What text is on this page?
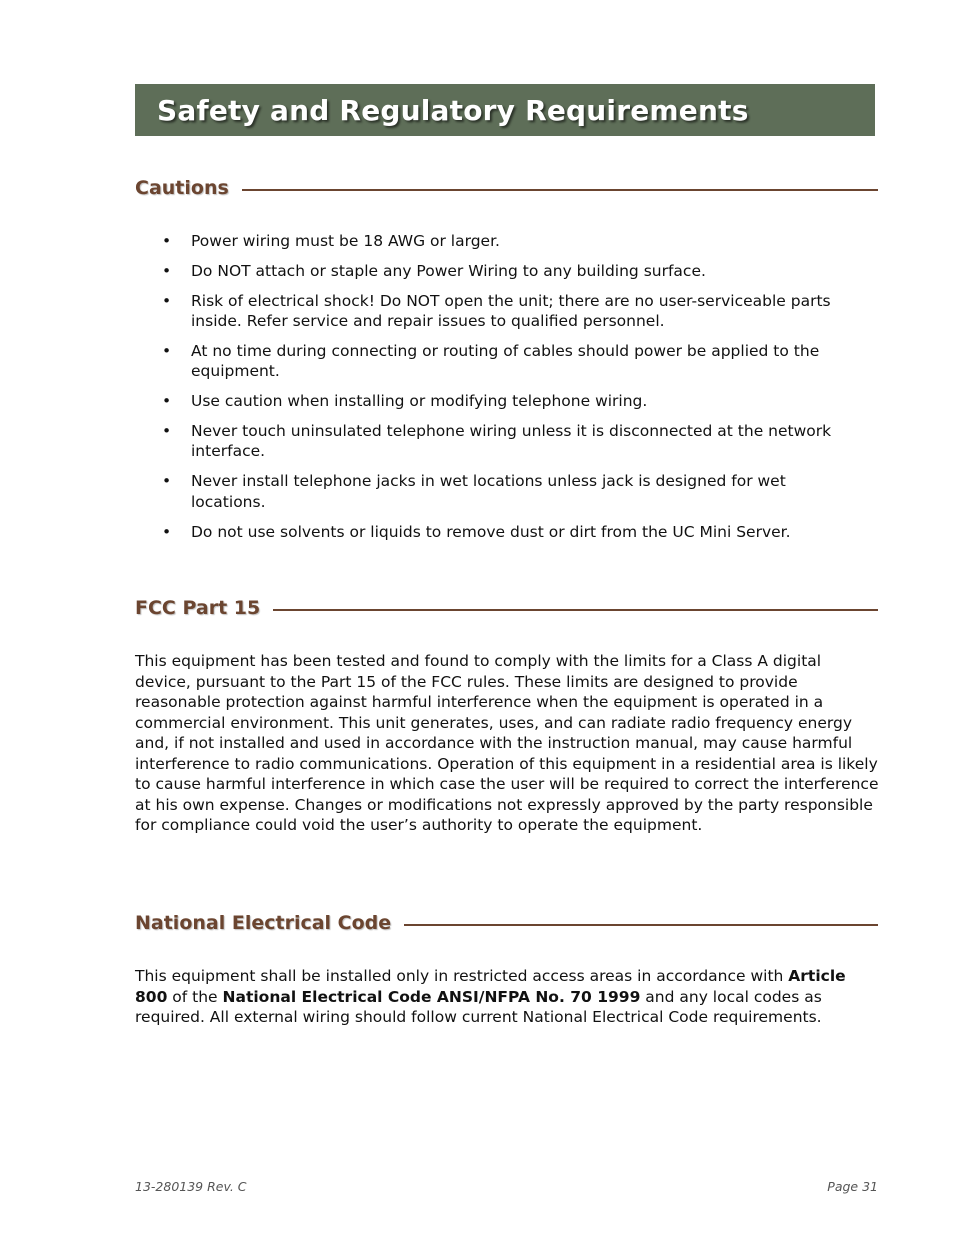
Safety and Regulatory Requirements
Cautions
• Power wiring must be 18 AWG or larger.
• Do NOT attach or staple any Power Wiring to any building surface.
• Risk of electrical shock! Do NOT open the unit; there are no user-serviceable parts inside. Refer service and repair issues to qualified personnel.
• At no time during connecting or routing of cables should power be applied to the equipment.
• Use caution when installing or modifying telephone wiring.
• Never touch uninsulated telephone wiring unless it is disconnected at the network interface.
• Never install telephone jacks in wet locations unless jack is designed for wet locations.
• Do not use solvents or liquids to remove dust or dirt from the UC Mini Server.
FCC Part 15

This equipment has been tested and found to comply with the limits for a Class A digital device, pursuant to the Part 15 of the FCC rules. These limits are designed to provide reasonable protection against harmful interference when the equipment is operated in a commercial environment. This unit generates, uses, and can radiate radio frequency energy and, if not installed and used in accordance with the instruction manual, may cause harmful interference to radio communications. Operation of this equipment in a residential area is likely to cause harmful interference in which case the user will be required to correct the interference at his own expense. Changes or modifications not expressly approved by the party responsible for compliance could void the user’s authority to operate the equipment.

National Electrical Code

This equipment shall be installed only in restricted access areas in accordance with Article 800 of the National Electrical Code ANSI/NFPA No. 70 1999 and any local codes as required. All external wiring should follow current National Electrical Code requirements.

13-280139 Rev. C	Page 31
